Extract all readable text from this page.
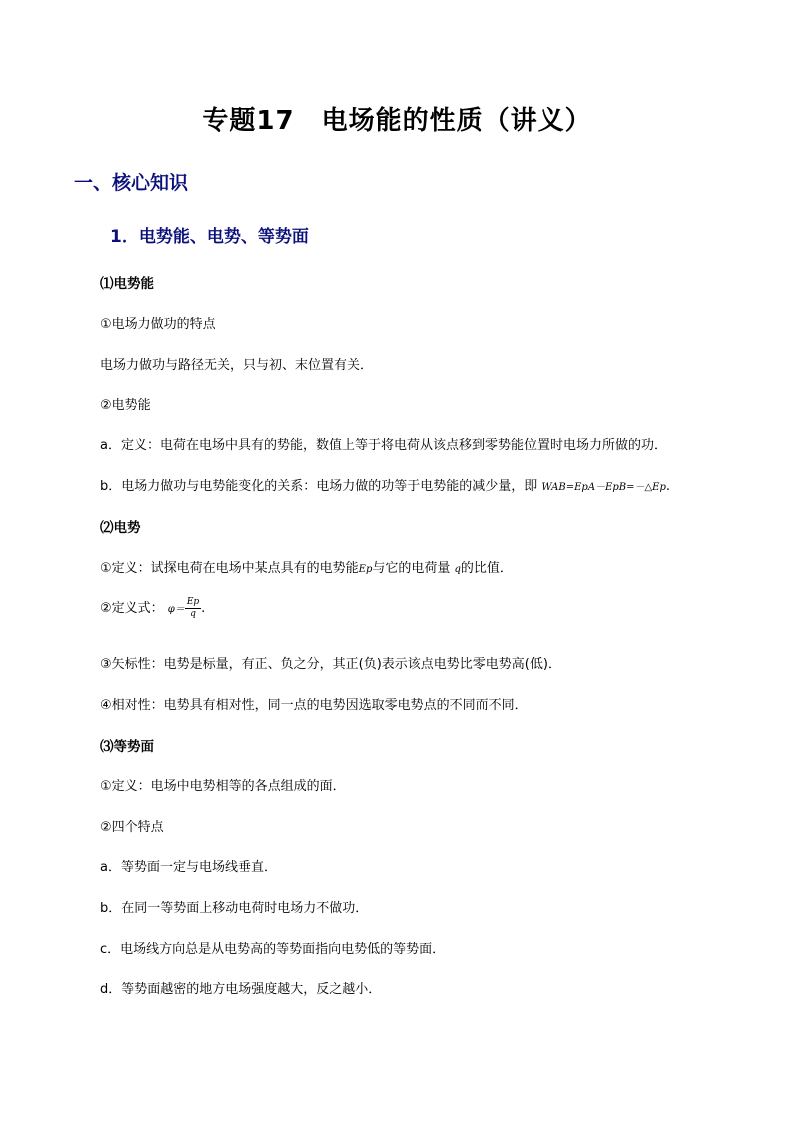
专题17　电场能的性质（讲义）
一、核心知识
1．电势能、电势、等势面
⑴电势能
①电场力做功的特点
电场力做功与路径无关，只与初、末位置有关．
②电势能
a．定义：电荷在电场中具有的势能，数值上等于将电荷从该点移到零势能位置时电场力所做的功．
b．电场力做功与电势能变化的关系：电场力做的功等于电势能的减少量，即 WAB=EpA－EpB=－△Ep.
⑵电势
①定义：试探电荷在电场中某点具有的电势能Ep与它的电荷量 q的比值．
②定义式： $\varphi= \frac{Ep}{q}$ .
③矢标性：电势是标量，有正、负之分，其正(负)表示该点电势比零电势高(低)．
④相对性：电势具有相对性，同一点的电势因选取零电势点的不同而不同．
⑶等势面
①定义：电场中电势相等的各点组成的面．
②四个特点
a．等势面一定与电场线垂直．
b．在同一等势面上移动电荷时电场力不做功．
c．电场线方向总是从电势高的等势面指向电势低的等势面．
d．等势面越密的地方电场强度越大，反之越小．
